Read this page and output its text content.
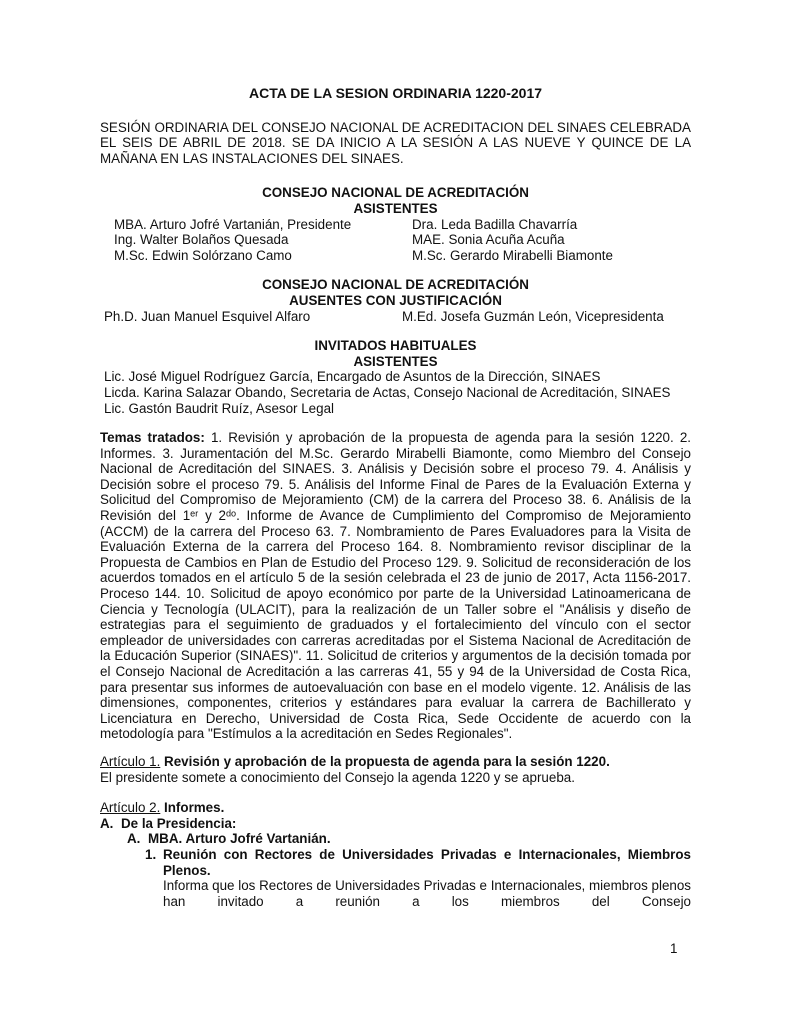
ACTA DE LA SESION ORDINARIA 1220-2017

SESIÓN ORDINARIA DEL CONSEJO NACIONAL DE ACREDITACION DEL SINAES CELEBRADA EL SEIS DE ABRIL DE 2018. SE DA INICIO A LA SESIÓN A LAS NUEVE Y QUINCE DE LA MAÑANA EN LAS INSTALACIONES DEL SINAES.

CONSEJO NACIONAL DE ACREDITACIÓN
ASISTENTES
MBA. Arturo Jofré Vartanián, Presidente	Dra. Leda Badilla Chavarría
Ing. Walter Bolaños Quesada	MAE. Sonia Acuña Acuña
M.Sc. Edwin Solórzano Camo	M.Sc. Gerardo Mirabelli Biamonte
CONSEJO NACIONAL DE ACREDITACIÓN
AUSENTES CON JUSTIFICACIÓN
Ph.D. Juan Manuel Esquivel Alfaro	M.Ed. Josefa Guzmán León, Vicepresidenta
INVITADOS HABITUALES
ASISTENTES
Lic. José Miguel Rodríguez García, Encargado de Asuntos de la Dirección, SINAES
Licda. Karina Salazar Obando, Secretaria de Actas, Consejo Nacional de Acreditación, SINAES
Lic. Gastón Baudrit Ruíz, Asesor Legal

Temas tratados: 1. Revisión y aprobación de la propuesta de agenda para la sesión 1220. 2. Informes. 3. Juramentación del M.Sc. Gerardo Mirabelli Biamonte, como Miembro del Consejo Nacional de Acreditación del SINAES. 3. Análisis y Decisión sobre el proceso 79. 4. Análisis y Decisión sobre el proceso 79. 5. Análisis del Informe Final de Pares de la Evaluación Externa y Solicitud del Compromiso de Mejoramiento (CM) de la carrera del Proceso 38. 6. Análisis de la Revisión del 1ᵉʳ y 2ᵈᵒ. Informe de Avance de Cumplimiento del Compromiso de Mejoramiento (ACCM) de la carrera del Proceso 63. 7. Nombramiento de Pares Evaluadores para la Visita de Evaluación Externa de la carrera del Proceso 164. 8. Nombramiento revisor disciplinar de la Propuesta de Cambios en Plan de Estudio del Proceso 129. 9. Solicitud de reconsideración de los acuerdos tomados en el artículo 5 de la sesión celebrada el 23 de junio de 2017, Acta 1156-2017. Proceso 144. 10. Solicitud de apoyo económico por parte de la Universidad Latinoamericana de Ciencia y Tecnología (ULACIT), para la realización de un Taller sobre el "Análisis y diseño de estrategias para el seguimiento de graduados y el fortalecimiento del vínculo con el sector empleador de universidades con carreras acreditadas por el Sistema Nacional de Acreditación de la Educación Superior (SINAES)". 11. Solicitud de criterios y argumentos de la decisión tomada por el Consejo Nacional de Acreditación a las carreras 41, 55 y 94 de la Universidad de Costa Rica, para presentar sus informes de autoevaluación con base en el modelo vigente. 12. Análisis de las dimensiones, componentes, criterios y estándares para evaluar la carrera de Bachillerato y Licenciatura en Derecho, Universidad de Costa Rica, Sede Occidente de acuerdo con la metodología para "Estímulos a la acreditación en Sedes Regionales".

Artículo 1. Revisión y aprobación de la propuesta de agenda para la sesión 1220.

El presidente somete a conocimiento del Consejo la agenda 1220 y se aprueba.

Artículo 2. Informes.

A. De la Presidencia:
A. MBA. Arturo Jofré Vartanián.
1. Reunión con Rectores de Universidades Privadas e Internacionales, Miembros Plenos.

Informa que los Rectores de Universidades Privadas e Internacionales, miembros plenos han invitado a reunión a los miembros del Consejo

1
